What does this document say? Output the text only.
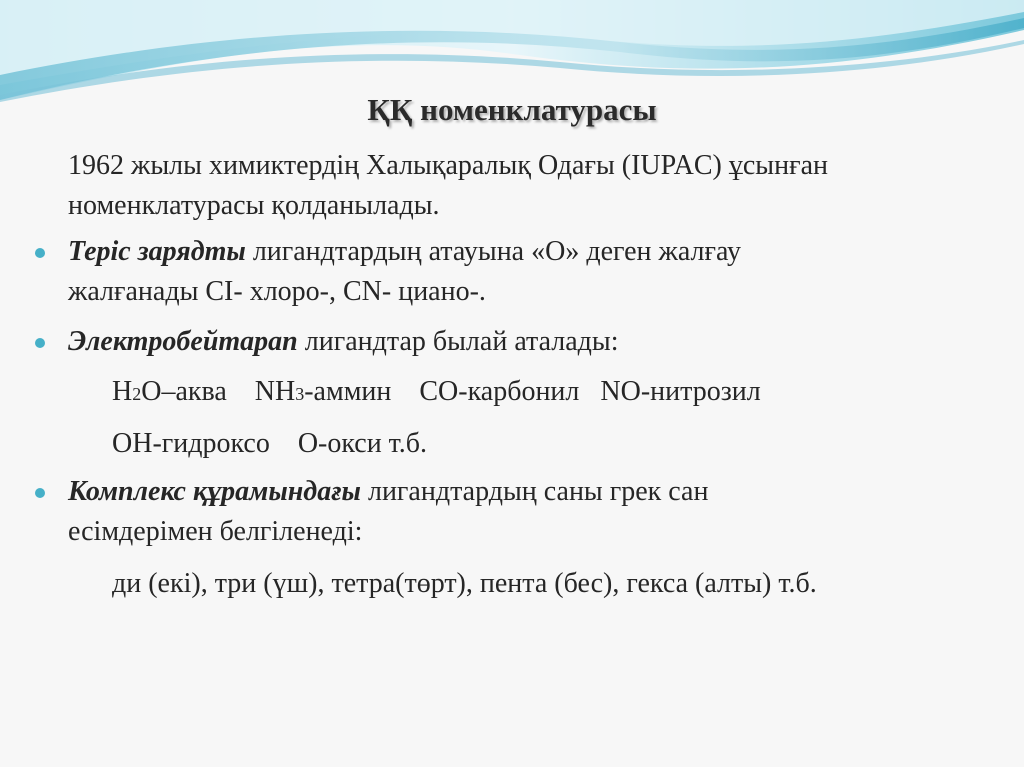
ҚҚ номенклатурасы
1962 жылы химиктердің Халықаралық Одағы (IUPAC) ұсынған
номенклатурасы қолданылады.
Теріс зарядты лигандтардың атауына «О» деген жалғау
жалғанады CI- хлоро-, CN- циано-.
Электробейтарап лигандтар былай аталады:
H2O–аква    NH3-аммин    CO-карбонил   NO-нитрозил
OH-гидроксо    O-окси т.б.
Комплекс құрамындағы лигандтардың саны грек сан
есімдерімен белгіленеді:
ди (екі), три (үш), тетра(төрт), пента (бес), гекса (алты) т.б.
